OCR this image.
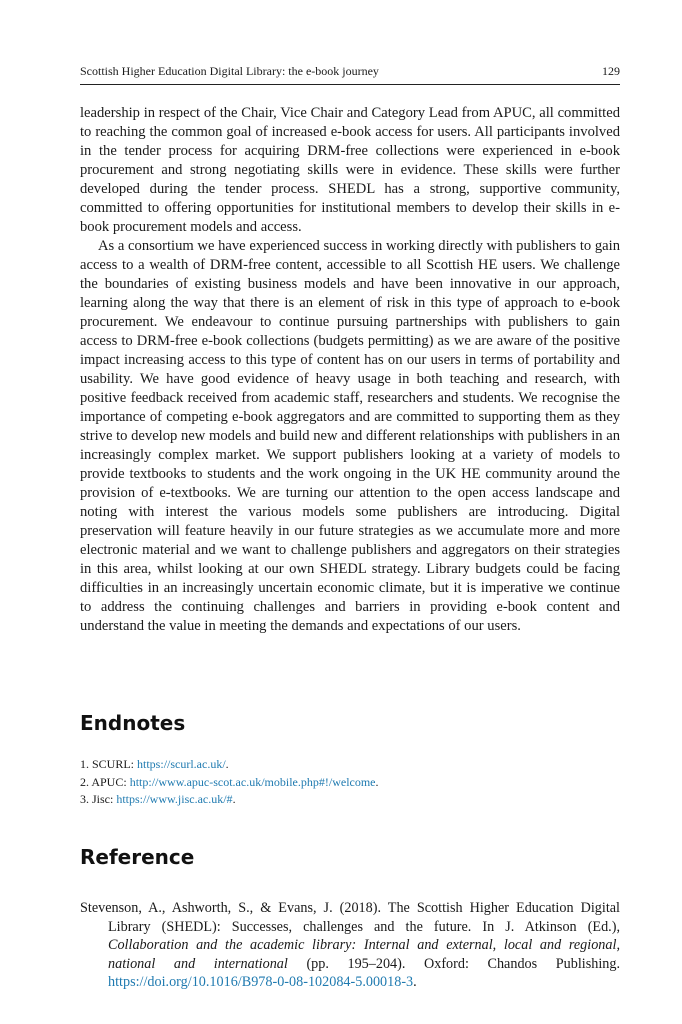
Scottish Higher Education Digital Library: the e-book journey	129

leadership in respect of the Chair, Vice Chair and Category Lead from APUC, all committed to reaching the common goal of increased e-book access for users. All participants involved in the tender process for acquiring DRM-free collections were experienced in e-book procurement and strong negotiating skills were in evidence. These skills were further developed during the tender process. SHEDL has a strong, supportive community, committed to offering opportunities for institutional members to develop their skills in e-book procurement models and access.

As a consortium we have experienced success in working directly with publishers to gain access to a wealth of DRM-free content, accessible to all Scottish HE users. We challenge the boundaries of existing business models and have been innovative in our approach, learning along the way that there is an element of risk in this type of approach to e-book procurement. We endeavour to continue pursuing partnerships with publishers to gain access to DRM-free e-book collections (budgets permitting) as we are aware of the positive impact increasing access to this type of content has on our users in terms of portability and usability. We have good evidence of heavy usage in both teaching and research, with positive feedback received from academic staff, researchers and students. We recognise the importance of competing e-book aggregators and are committed to supporting them as they strive to develop new models and build new and different relationships with publishers in an increasingly complex market. We support publishers looking at a variety of models to provide textbooks to students and the work ongoing in the UK HE community around the provision of e-textbooks. We are turning our attention to the open access landscape and noting with interest the various models some publishers are introducing. Digital preservation will feature heavily in our future strategies as we accumulate more and more electronic material and we want to challenge publishers and aggregators on their strategies in this area, whilst looking at our own SHEDL strategy. Library budgets could be facing difficulties in an increasingly uncertain economic climate, but it is imperative we continue to address the continuing challenges and barriers in providing e-book content and understand the value in meeting the demands and expectations of our users.

Endnotes
1. SCURL: https://scurl.ac.uk/.
2. APUC: http://www.apuc-scot.ac.uk/mobile.php#!/welcome.
3. Jisc: https://www.jisc.ac.uk/#.
Reference

Stevenson, A., Ashworth, S., & Evans, J. (2018). The Scottish Higher Education Digital Library (SHEDL): Successes, challenges and the future. In J. Atkinson (Ed.), Collaboration and the academic library: Internal and external, local and regional, national and international (pp. 195–204). Oxford: Chandos Publishing. https://doi.org/10.1016/B978-0-08-102084-5.00018-3.
